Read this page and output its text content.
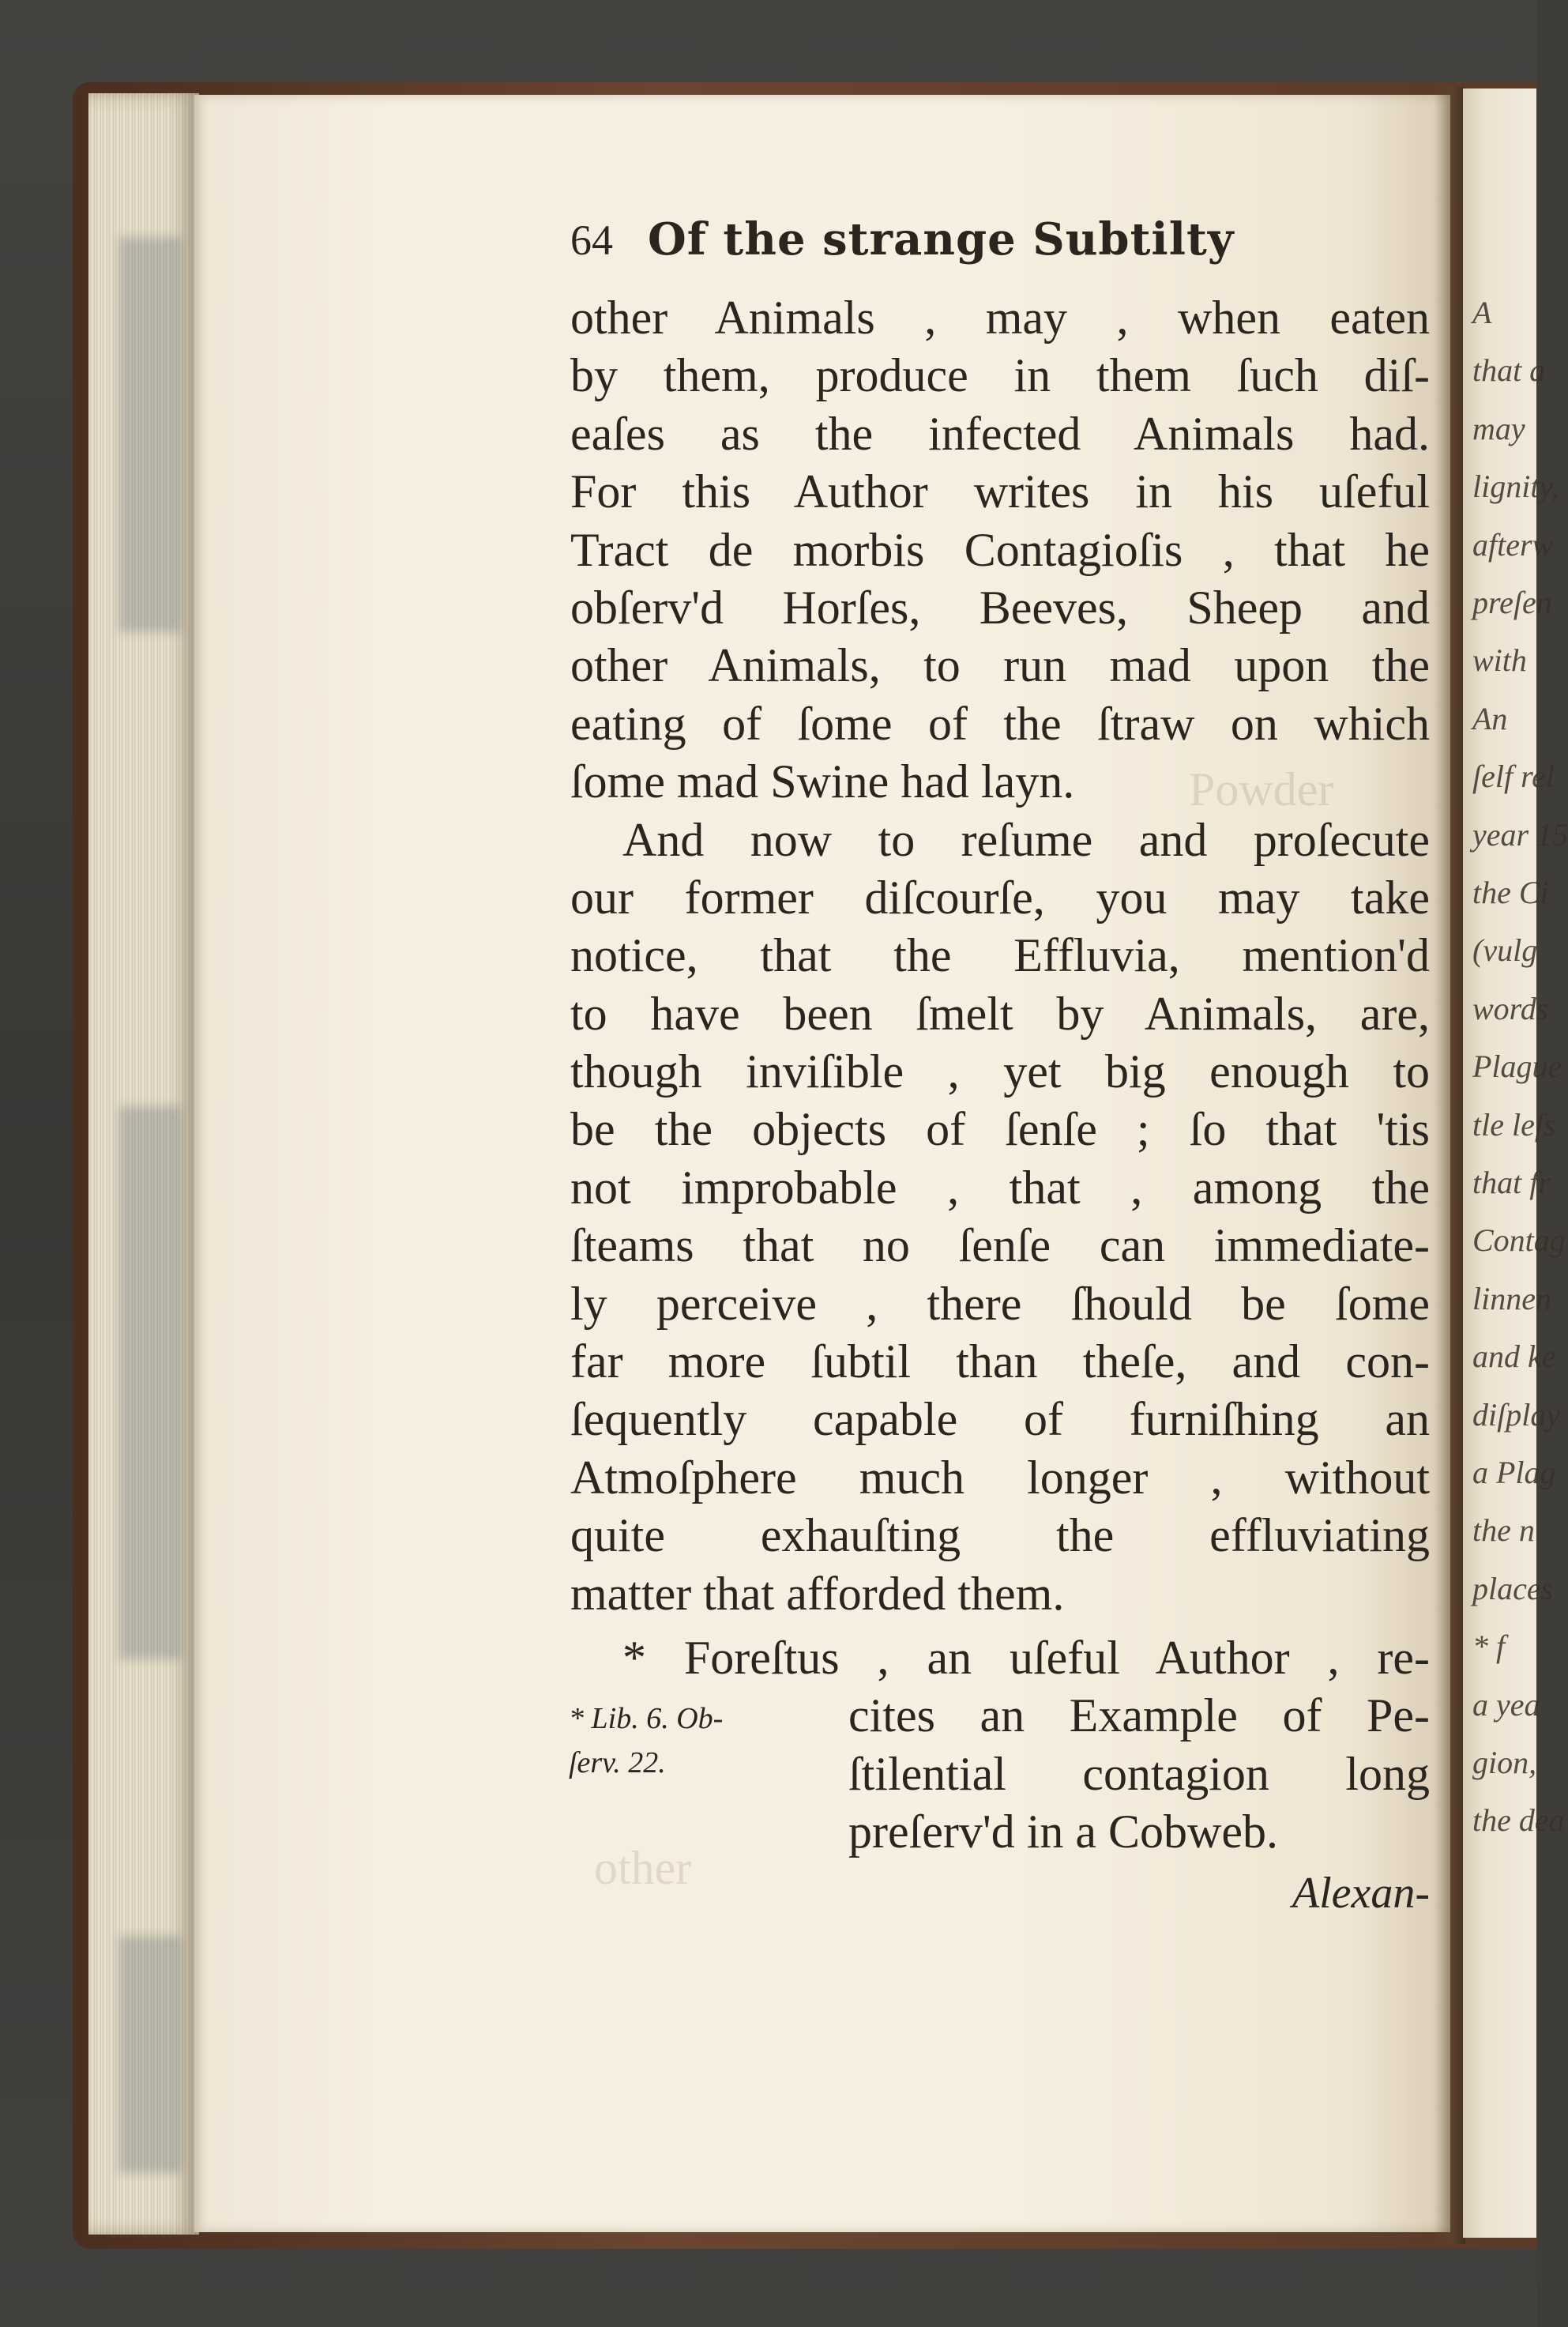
Powder
other
64 Of the strange Subtilty
other Animals , may , when eaten
by them, produce in them ſuch diſ-
eaſes as the infected Animals had.
For this Author writes in his uſeful
Tract de morbis Contagioſis , that he
obſerv'd Horſes, Beeves, Sheep and
other Animals, to run mad upon the
eating of ſome of the ſtraw on which
ſome mad Swine had layn.
And now to reſume and proſecute
our former diſcourſe, you may take
notice, that the Effluvia, mention'd
to have been ſmelt by Animals, are,
though inviſible , yet big enough to
be the objects of ſenſe ; ſo that 'tis
not improbable , that , among the
ſteams that no ſenſe can immediate-
ly perceive , there ſhould be ſome
far more ſubtil than theſe, and con-
ſequently capable of furniſhing an
Atmoſphere much longer , without
quite exhauſting the effluviating
matter that afforded them.
* Foreſtus , an uſeful Author , re-
* Lib. 6. Ob-
ſerv. 22.
cites an Example of Pe-
ſtilential contagion long
preſerv'd in a Cobweb.
Alexan-
A
that a
may
lignity,
afterw
preſen
with
An
ſelf rel
year 15
the Ci
(vulg
words
Plague
tle leſs
that fr
Contag
linnen
and ke
diſplay
a Plag
the n
places
* f
a yea
gion,
the dea
